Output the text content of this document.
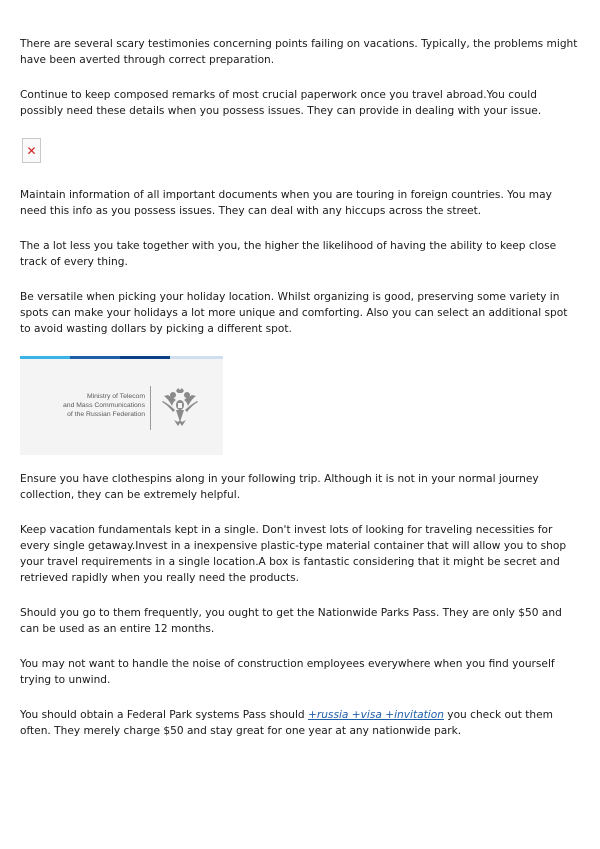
There are several scary testimonies concerning points failing on vacations. Typically, the problems might have been averted through correct preparation.

Continue to keep composed remarks of most crucial paperwork once you travel abroad.You could possibly need these details when you possess issues. They can provide in dealing with your issue.

✕

Maintain information of all important documents when you are touring in foreign countries. You may need this info as you possess issues. They can deal with any hiccups across the street.

The a lot less you take together with you, the higher the likelihood of having the ability to keep close track of every thing.

Be versatile when picking your holiday location. Whilst organizing is good, preserving some variety in spots can make your holidays a lot more unique and comforting. Also you can select an additional spot to avoid wasting dollars by picking a different spot.

Ministry of Telecom
and Mass Communications
of the Russian Federation

Ensure you have clothespins along in your following trip. Although it is not in your normal journey collection, they can be extremely helpful.

Keep vacation fundamentals kept in a single. Don't invest lots of looking for traveling necessities for every single getaway.Invest in a inexpensive plastic-type material container that will allow you to shop your travel requirements in a single location.A box is fantastic considering that it might be secret and retrieved rapidly when you really need the products.

Should you go to them frequently, you ought to get the Nationwide Parks Pass. They are only $50 and can be used as an entire 12 months.

You may not want to handle the noise of construction employees everywhere when you find yourself trying to unwind.

You should obtain a Federal Park systems Pass should +russia +visa +invitation you check out them often. They merely charge $50 and stay great for one year at any nationwide park.
